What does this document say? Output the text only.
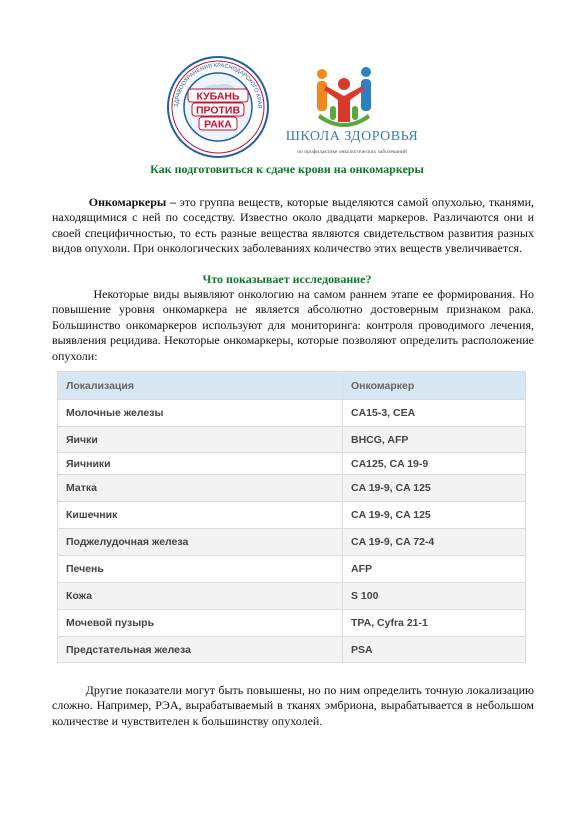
ЗДРАВООХРАНЕНИЯ КРАСНОДАРСКОГО КРАЯ
КУБАНЬ
ПРОТИВ
РАКА
ШКОЛА ЗДОРОВЬЯ
по профилактике онкологических заболеваний
Как подготовиться к сдаче крови на онкомаркеры

Онкомаркеры – это группа веществ, которые выделяются самой опухолью, тканями, находящимися с ней по соседству. Известно около двадцати маркеров. Различаются они и своей специфичностью, то есть разные вещества являются свидетельством развития разных видов опухоли. При онкологических заболеваниях количество этих веществ увеличивается.

Что показывает исследование?

Некоторые виды выявляют онкологию на самом раннем этапе ее формирования. Но повышение уровня онкомаркера не является абсолютно достоверным признаком рака. Большинство онкомаркеров используют для мониторинга: контроля проводимого лечения, выявления рецидива. Некоторые онкомаркеры, которые позволяют определить расположение опухоли:

Локализация	Онкомаркер
Молочные железы	CA15-3, CEA
Яички	BHCG, AFP
Яичники	CA125, CA 19-9
Матка	CA 19-9, CA 125
Кишечник	CA 19-9, CA 125
Поджелудочная железа	CA 19-9, CA 72-4
Печень	AFP
Кожа	S 100
Мочевой пузырь	TPA, Cyfra 21-1
Предстательная железа	PSA

Другие показатели могут быть повышены, но по ним определить точную локализацию сложно. Например, РЭА, вырабатываемый в тканях эмбриона, вырабатывается в небольшом количестве и чувствителен к большинству опухолей.
